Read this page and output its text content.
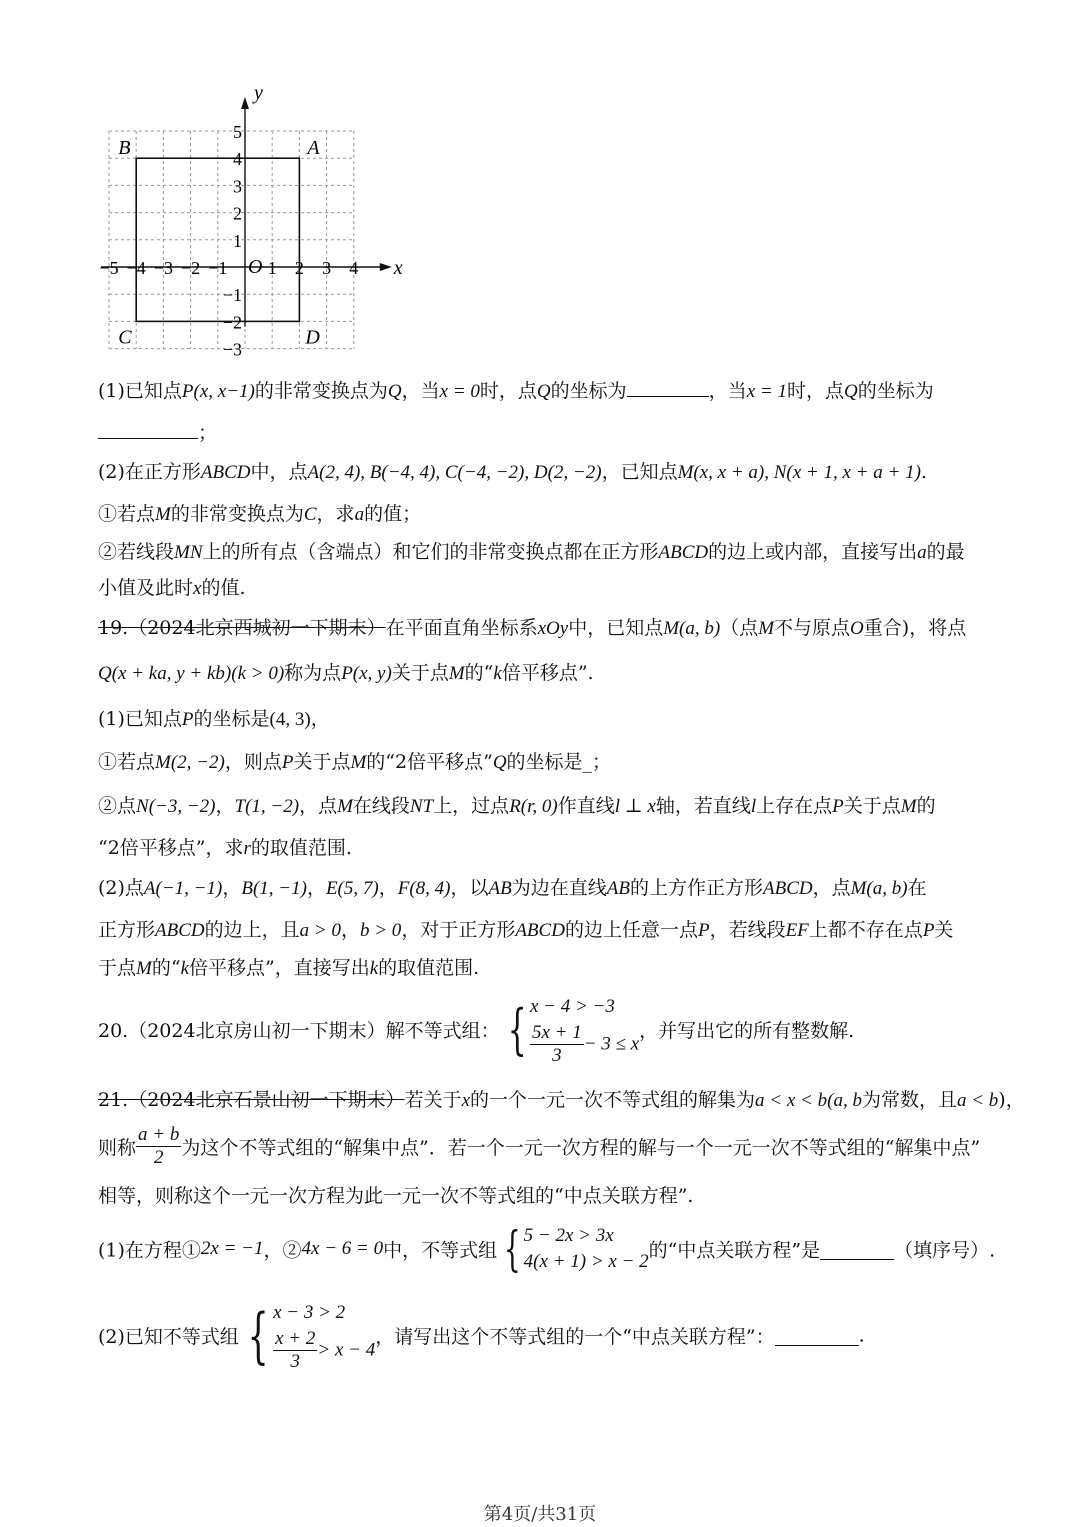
x
y
O
−5 −4 −3 −2 −1 1 2 3 4
5
4
3
2
1
−1
−2
−3
A
B
C	D
(1)已知点P(x, x−1)的非常变换点为Q，当x = 0时，点Q的坐标为	，当x = 1时，点Q的坐标为
；
(2)在正方形ABCD中，点A(2, 4), B(−4, 4), C(−4, −2), D(2, −2)，已知点M(x, x + a), N(x + 1, x + a + 1).
①若点M的非常变换点为C，求a的值；
②若线段MN上的所有点（含端点）和它们的非常变换点都在正方形ABCD的边上或内部，直接写出a的最
小值及此时x的值.
19.（2024北京西城初一下期末）在平面直角坐标系xOy中，已知点M(a, b)（点M不与原点O重合)，将点
Q(x + ka, y + kb)(k > 0)称为点P(x, y)关于点M的“k倍平移点”.
(1)已知点P的坐标是(4, 3)，
①若点M(2, −2)，则点P关于点M的“2倍平移点”Q的坐标是_；
②点N(−3, −2)，T(1, −2)，点M在线段NT上，过点R(r, 0)作直线l ⊥ x轴，若直线l上存在点P关于点M的
“2倍平移点”，求r的取值范围.
(2)点A(−1, −1)，B(1, −1)，E(5, 7)，F(8, 4)，以AB为边在直线AB的上方作正方形ABCD，点M(a, b)在
正方形ABCD的边上，且a > 0，b > 0，对于正方形ABCD的边上任意一点P，若线段EF上都不存在点P关
于点M的“k倍平移点”，直接写出k的取值范围.
20.（2024北京房山初一下期末）解不等式组： { x − 4 > −3
$\frac{5x + 1}{3} - 3 \le x$
，并写出它的所有整数解.
21.（2024北京石景山初一下期末）若关于x的一个一元一次不等式组的解集为a < x < b(a, b为常数，且a < b)，
则称 $\frac{a + b}{2}$ 为这个不等式组的“解集中点”．若一个一元一次方程的解与一个一元一次不等式组的“解集中点”
相等，则称这个一元一次方程为此一元一次不等式组的“中点关联方程”.
(1)在方程①2x = −1，②4x − 6 = 0中，不等式组 { 5 − 2x > 3x
4(x + 1) > x − 2 的“中点关联方程”是	（填序号）.
(2)已知不等式组 { x − 3 > 2
$\frac{x + 2}{3} > x - 4$
，请写出这个不等式组的一个“中点关联方程”：	.
第4页/共31页
